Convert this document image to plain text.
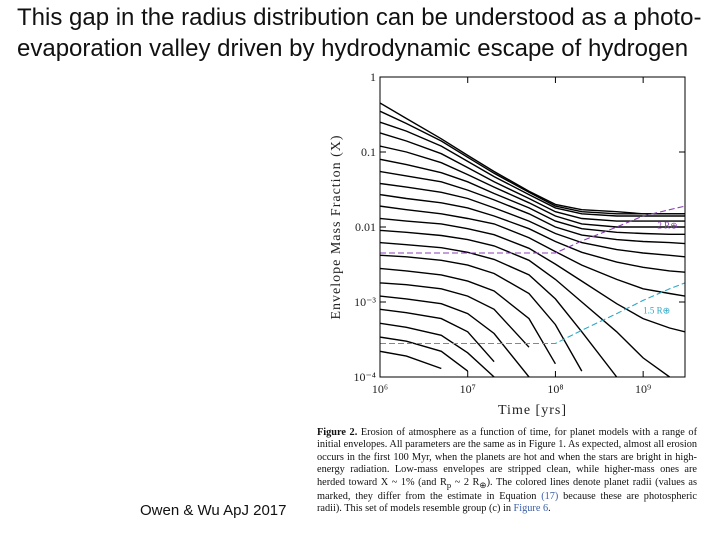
This gap in the radius distribution can be understood as a photo-evaporation valley driven by hydrodynamic escape of hydrogen
10⁶	10⁷	10⁸	10⁹
1
0.1
0.01
10⁻³
10⁻⁴
Time [yrs]
Envelope Mass Fraction (X)	2 R⊕
1.5 R⊕
Figure 2. Erosion of atmosphere as a function of time, for planet models with a range of initial envelopes. All parameters are the same as in Figure 1. As expected, almost all erosion occurs in the first 100 Myr, when the planets are hot and when the stars are bright in high-energy radiation. Low-mass envelopes are stripped clean, while higher-mass ones are herded toward X ~ 1% (and $R_p$ ~ 2 $R_\oplus$). The colored lines denote planet radii (values as marked, they differ from the estimate in Equation (17) because these are photospheric radii). This set of models resemble group (c) in Figure 6.
Owen & Wu ApJ 2017
